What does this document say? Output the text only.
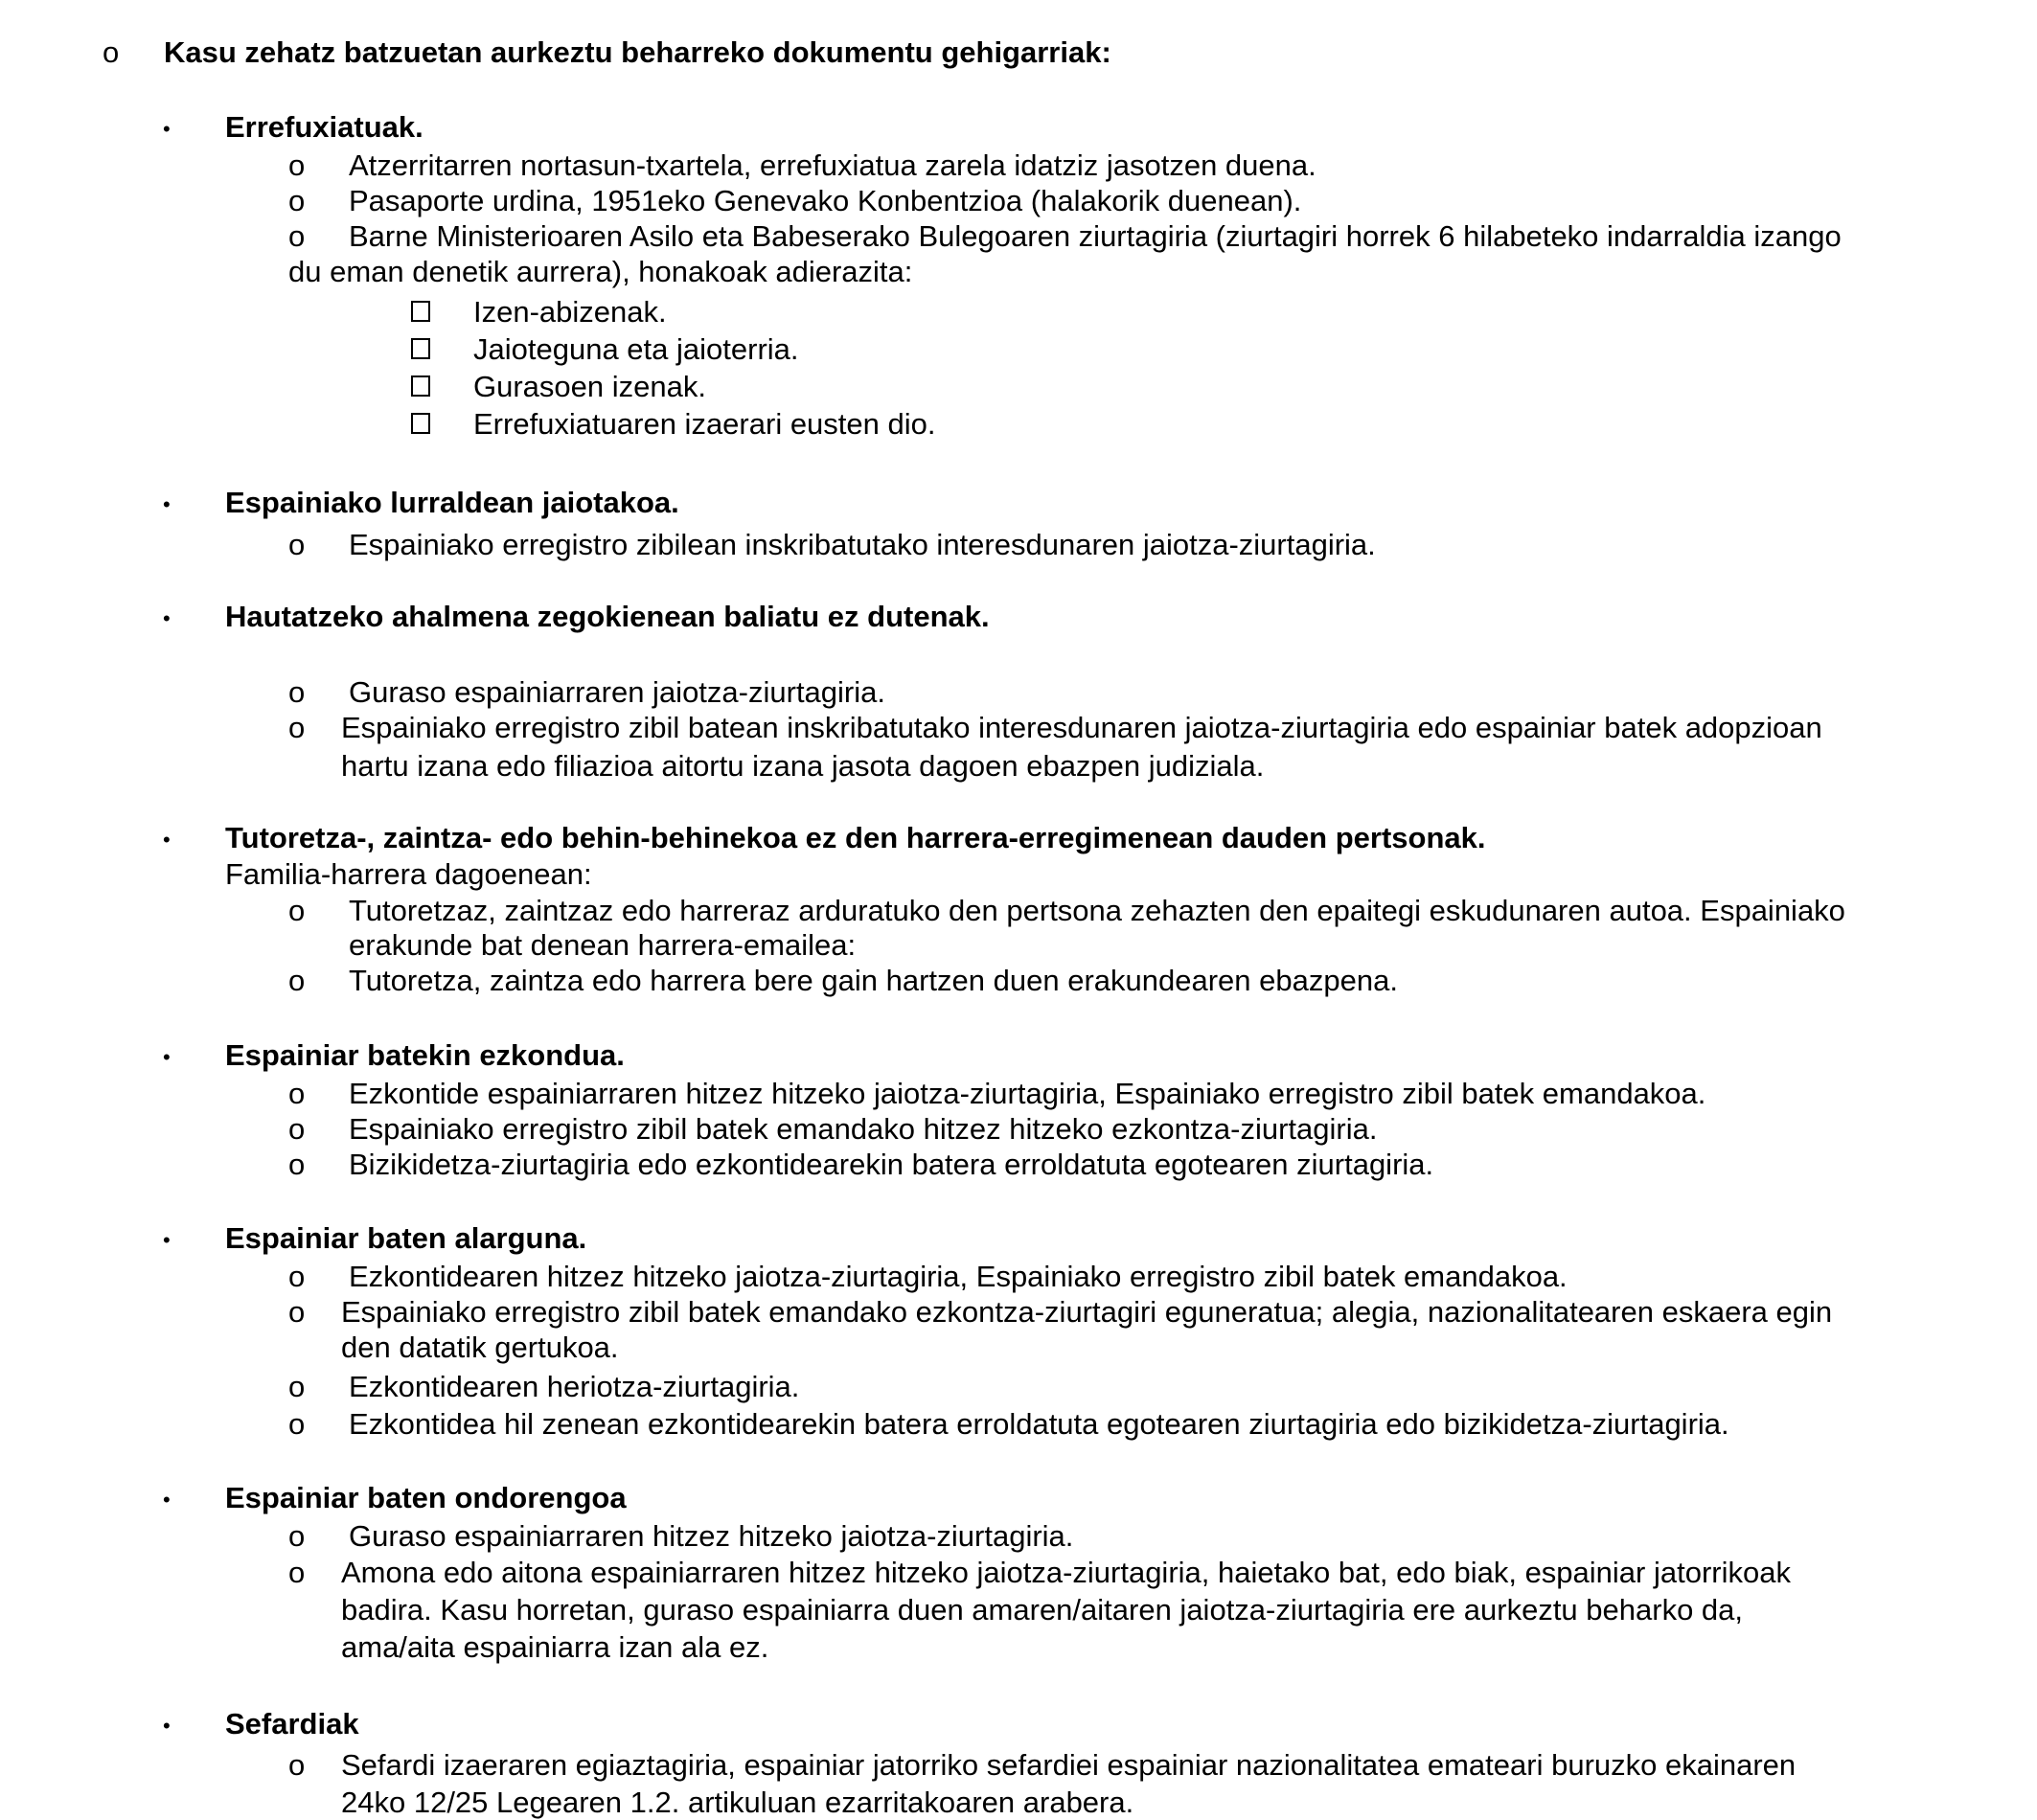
o Kasu zehatz batzuetan aurkeztu beharreko dokumentu gehigarriak:
• Errefuxiatuak.
o Atzerritarren nortasun-txartela, errefuxiatua zarela idatziz jasotzen duena.
o Pasaporte urdina, 1951eko Genevako Konbentzioa (halakorik duenean).
o Barne Ministerioaren Asilo eta Babeserako Bulegoaren ziurtagiria (ziurtagiri horrek 6 hilabeteko indarraldia izango
du eman denetik aurrera), honakoak adierazita:
Izen-abizenak.
Jaioteguna eta jaioterria.
Gurasoen izenak.
Errefuxiatuaren izaerari eusten dio.
• Espainiako lurraldean jaiotakoa.
o Espainiako erregistro zibilean inskribatutako interesdunaren jaiotza-ziurtagiria.
• Hautatzeko ahalmena zegokienean baliatu ez dutenak.
o Guraso espainiarraren jaiotza-ziurtagiria.
o Espainiako erregistro zibil batean inskribatutako interesdunaren jaiotza-ziurtagiria edo espainiar batek adopzioan
hartu izana edo filiazioa aitortu izana jasota dagoen ebazpen judiziala.
• Tutoretza-, zaintza- edo behin-behinekoa ez den harrera-erregimenean dauden pertsonak.
Familia-harrera dagoenean:
o Tutoretzaz, zaintzaz edo harreraz arduratuko den pertsona zehazten den epaitegi eskudunaren autoa. Espainiako
erakunde bat denean harrera-emailea:
o Tutoretza, zaintza edo harrera bere gain hartzen duen erakundearen ebazpena.
• Espainiar batekin ezkondua.
o Ezkontide espainiarraren hitzez hitzeko jaiotza-ziurtagiria, Espainiako erregistro zibil batek emandakoa.
o Espainiako erregistro zibil batek emandako hitzez hitzeko ezkontza-ziurtagiria.
o Bizikidetza-ziurtagiria edo ezkontidearekin batera erroldatuta egotearen ziurtagiria.
• Espainiar baten alarguna.
o Ezkontidearen hitzez hitzeko jaiotza-ziurtagiria, Espainiako erregistro zibil batek emandakoa.
o Espainiako erregistro zibil batek emandako ezkontza-ziurtagiri eguneratua; alegia, nazionalitatearen eskaera egin
den datatik gertukoa.
o Ezkontidearen heriotza-ziurtagiria.
o Ezkontidea hil zenean ezkontidearekin batera erroldatuta egotearen ziurtagiria edo bizikidetza-ziurtagiria.
• Espainiar baten ondorengoa
o Guraso espainiarraren hitzez hitzeko jaiotza-ziurtagiria.
o Amona edo aitona espainiarraren hitzez hitzeko jaiotza-ziurtagiria, haietako bat, edo biak, espainiar jatorrikoak
badira. Kasu horretan, guraso espainiarra duen amaren/aitaren jaiotza-ziurtagiria ere aurkeztu beharko da,
ama/aita espainiarra izan ala ez.
• Sefardiak
o Sefardi izaeraren egiaztagiria, espainiar jatorriko sefardiei espainiar nazionalitatea emateari buruzko ekainaren
24ko 12/25 Legearen 1.2. artikuluan ezarritakoaren arabera.
